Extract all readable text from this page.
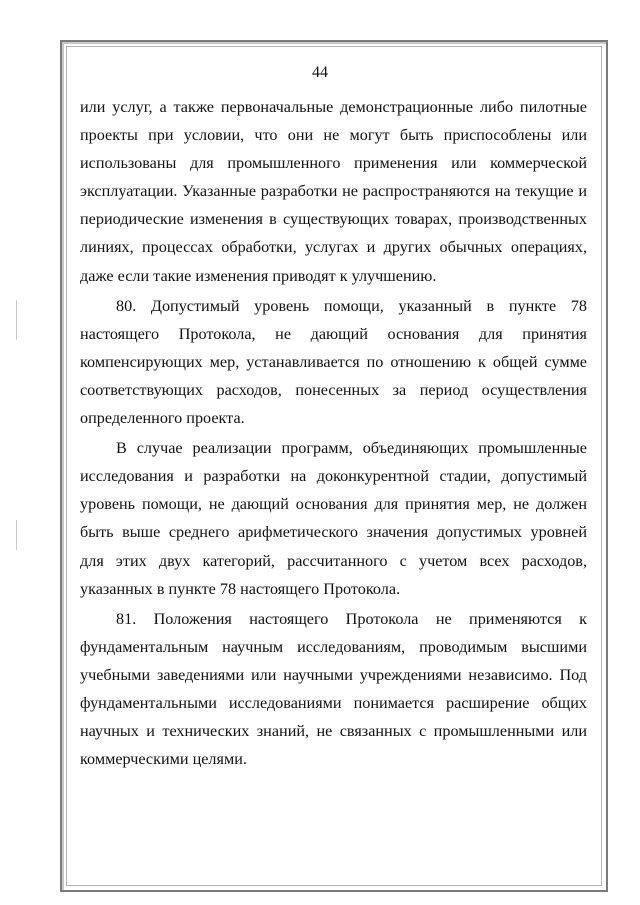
44

или услуг, а также первоначальные демонстрационные либо пилотные проекты при условии, что они не могут быть приспособлены или использованы для промышленного применения или коммерческой эксплуатации. Указанные разработки не распространяются на текущие и периодические изменения в существующих товарах, производственных линиях, процессах обработки, услугах и других обычных операциях, даже если такие изменения приводят к улучшению.

80. Допустимый уровень помощи, указанный в пункте 78 настоящего Протокола, не дающий основания для принятия компенсирующих мер, устанавливается по отношению к общей сумме соответствующих расходов, понесенных за период осуществления определенного проекта.

В случае реализации программ, объединяющих промышленные исследования и разработки на доконкурентной стадии, допустимый уровень помощи, не дающий основания для принятия мер, не должен быть выше среднего арифметического значения допустимых уровней для этих двух категорий, рассчитанного с учетом всех расходов, указанных в пункте 78 настоящего Протокола.

81. Положения настоящего Протокола не применяются к фундаментальным научным исследованиям, проводимым высшими учебными заведениями или научными учреждениями независимо. Под фундаментальными исследованиями понимается расширение общих научных и технических знаний, не связанных с промышленными или коммерческими целями.
